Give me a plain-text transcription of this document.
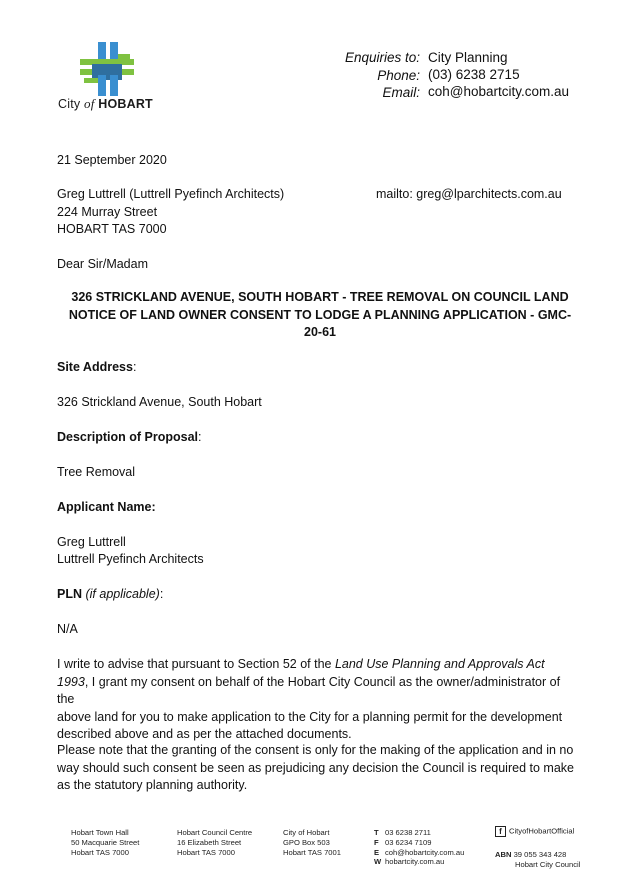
City of HOBART
Enquiries to: City Planning
Phone: (03) 6238 2715
Email: coh@hobartcity.com.au
21 September 2020
Greg Luttrell (Luttrell Pyefinch Architects)
224 Murray Street
HOBART TAS 7000
mailto: greg@lparchitects.com.au
Dear Sir/Madam
326 STRICKLAND AVENUE, SOUTH HOBART - TREE REMOVAL ON COUNCIL LAND
NOTICE OF LAND OWNER CONSENT TO LODGE A PLANNING APPLICATION - GMC-
20-61
Site Address:
326 Strickland Avenue, South Hobart
Description of Proposal:
Tree Removal
Applicant Name:
Greg Luttrell
Luttrell Pyefinch Architects
PLN (if applicable):
N/A
I write to advise that pursuant to Section 52 of the Land Use Planning and Approvals Act
1993, I grant my consent on behalf of the Hobart City Council as the owner/administrator of the
above land for you to make application to the City for a planning permit for the development
described above and as per the attached documents.
Please note that the granting of the consent is only for the making of the application and in no
way should such consent be seen as prejudicing any decision the Council is required to make
as the statutory planning authority.
Hobart Town Hall
50 Macquarie Street
Hobart TAS 7000
Hobart Council Centre
16 Elizabeth Street
Hobart TAS 7000
City of Hobart
GPO Box 503
Hobart TAS 7001
T 03 6238 2711
F 03 6234 7109
E coh@hobartcity.com.au
W hobartcity.com.au
f CityofHobartOfficial
ABN 39 055 343 428
Hobart City Council
